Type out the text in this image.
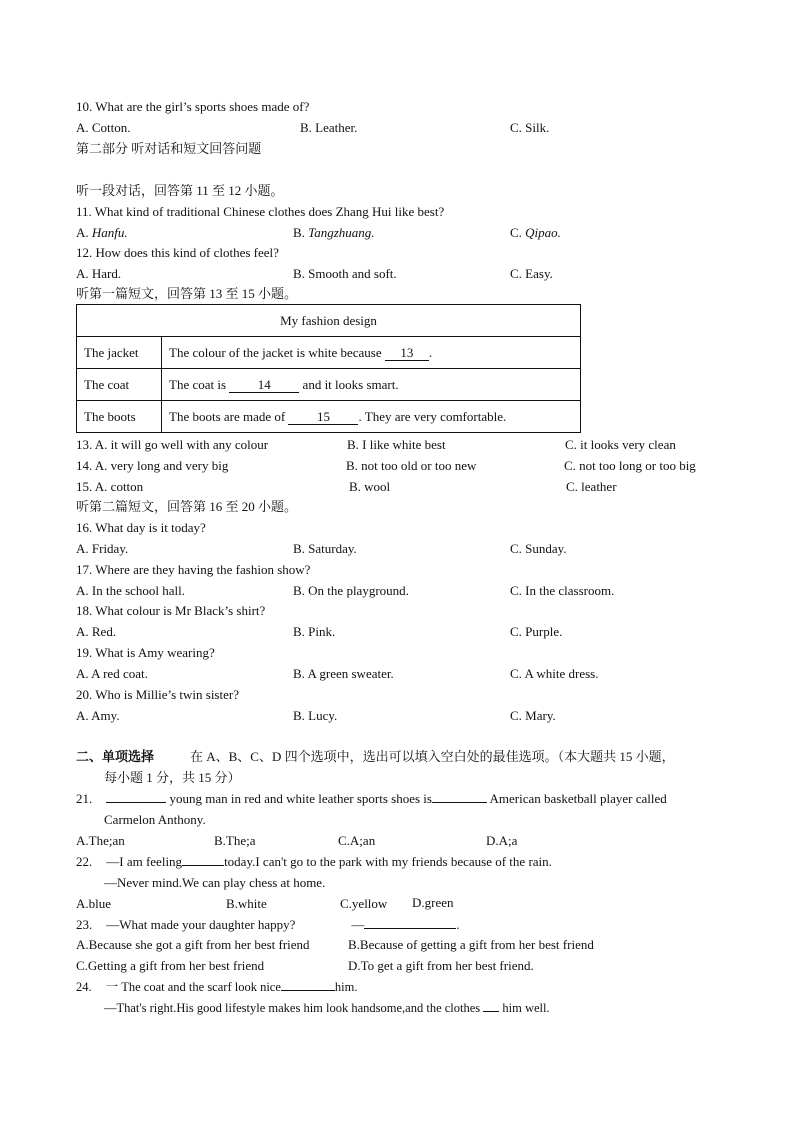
10. What are the girl’s sports shoes made of?
A. Cotton.	B. Leather.	C. Silk.
第二部分 听对话和短文回答问题
听一段对话，回答第 11 至 12 小题。
11. What kind of traditional Chinese clothes does Zhang Hui like best?
A. Hanfu.	B. Tangzhuang.	C. Qipao.
12. How does this kind of clothes feel?
A. Hard.	B. Smooth and soft.	C. Easy.
听第一篇短文，回答第 13 至 15 小题。
My fashion design	
The jacket	The colour of the jacket is white because 13 .
The coat	The coat is 14 and it looks smart.
The boots	The boots are made of 15 . They are very comfortable.
13. A. it will go well with any colour	B. I like white best	C. it looks very clean
14. A. very long and very big	B. not too old or too new	C. not too long or too big
15. A. cotton	B. wool	C. leather
听第二篇短文，回答第 16 至 20 小题。
16. What day is it today?
A. Friday.	B. Saturday.	C. Sunday.
17. Where are they having the fashion show?
A. In the school hall.	B. On the playground.	C. In the classroom.
18. What colour is Mr Black’s shirt?
A. Red.	B. Pink.	C. Purple.
19. What is Amy wearing?
A. A red coat.	B. A green sweater.	C. A white dress.
20. Who is Millie’s twin sister?
A. Amy.	B. Lucy.	C. Mary.
二、单项选择	在 A、B、C、D 四个选项中，选出可以填入空白处的最佳选项。（本大题共 15 小题，
每小题 1 分，共 15 分）
21.	young man in red and white leather sports shoes is	American basketball player called
Carmelon Anthony.
A.The;an	B.The;a	C.A;an	D.A;a
22. —I am feeling	today.I can't go to the park with my friends because of the rain.
—Never mind.We can play chess at home.
A.blue	B.white	C.yellow D.green
23. —What made your daughter happy?	—	.
A.Because she got a gift from her best friend	B.Because of getting a gift from her best friend
C.Getting a gift from her best friend	D.To get a gift from her best friend.
24. 一 The coat and the scarf look nice	him.
—That's right.His good lifestyle makes him look handsome,and the clothes him well.
